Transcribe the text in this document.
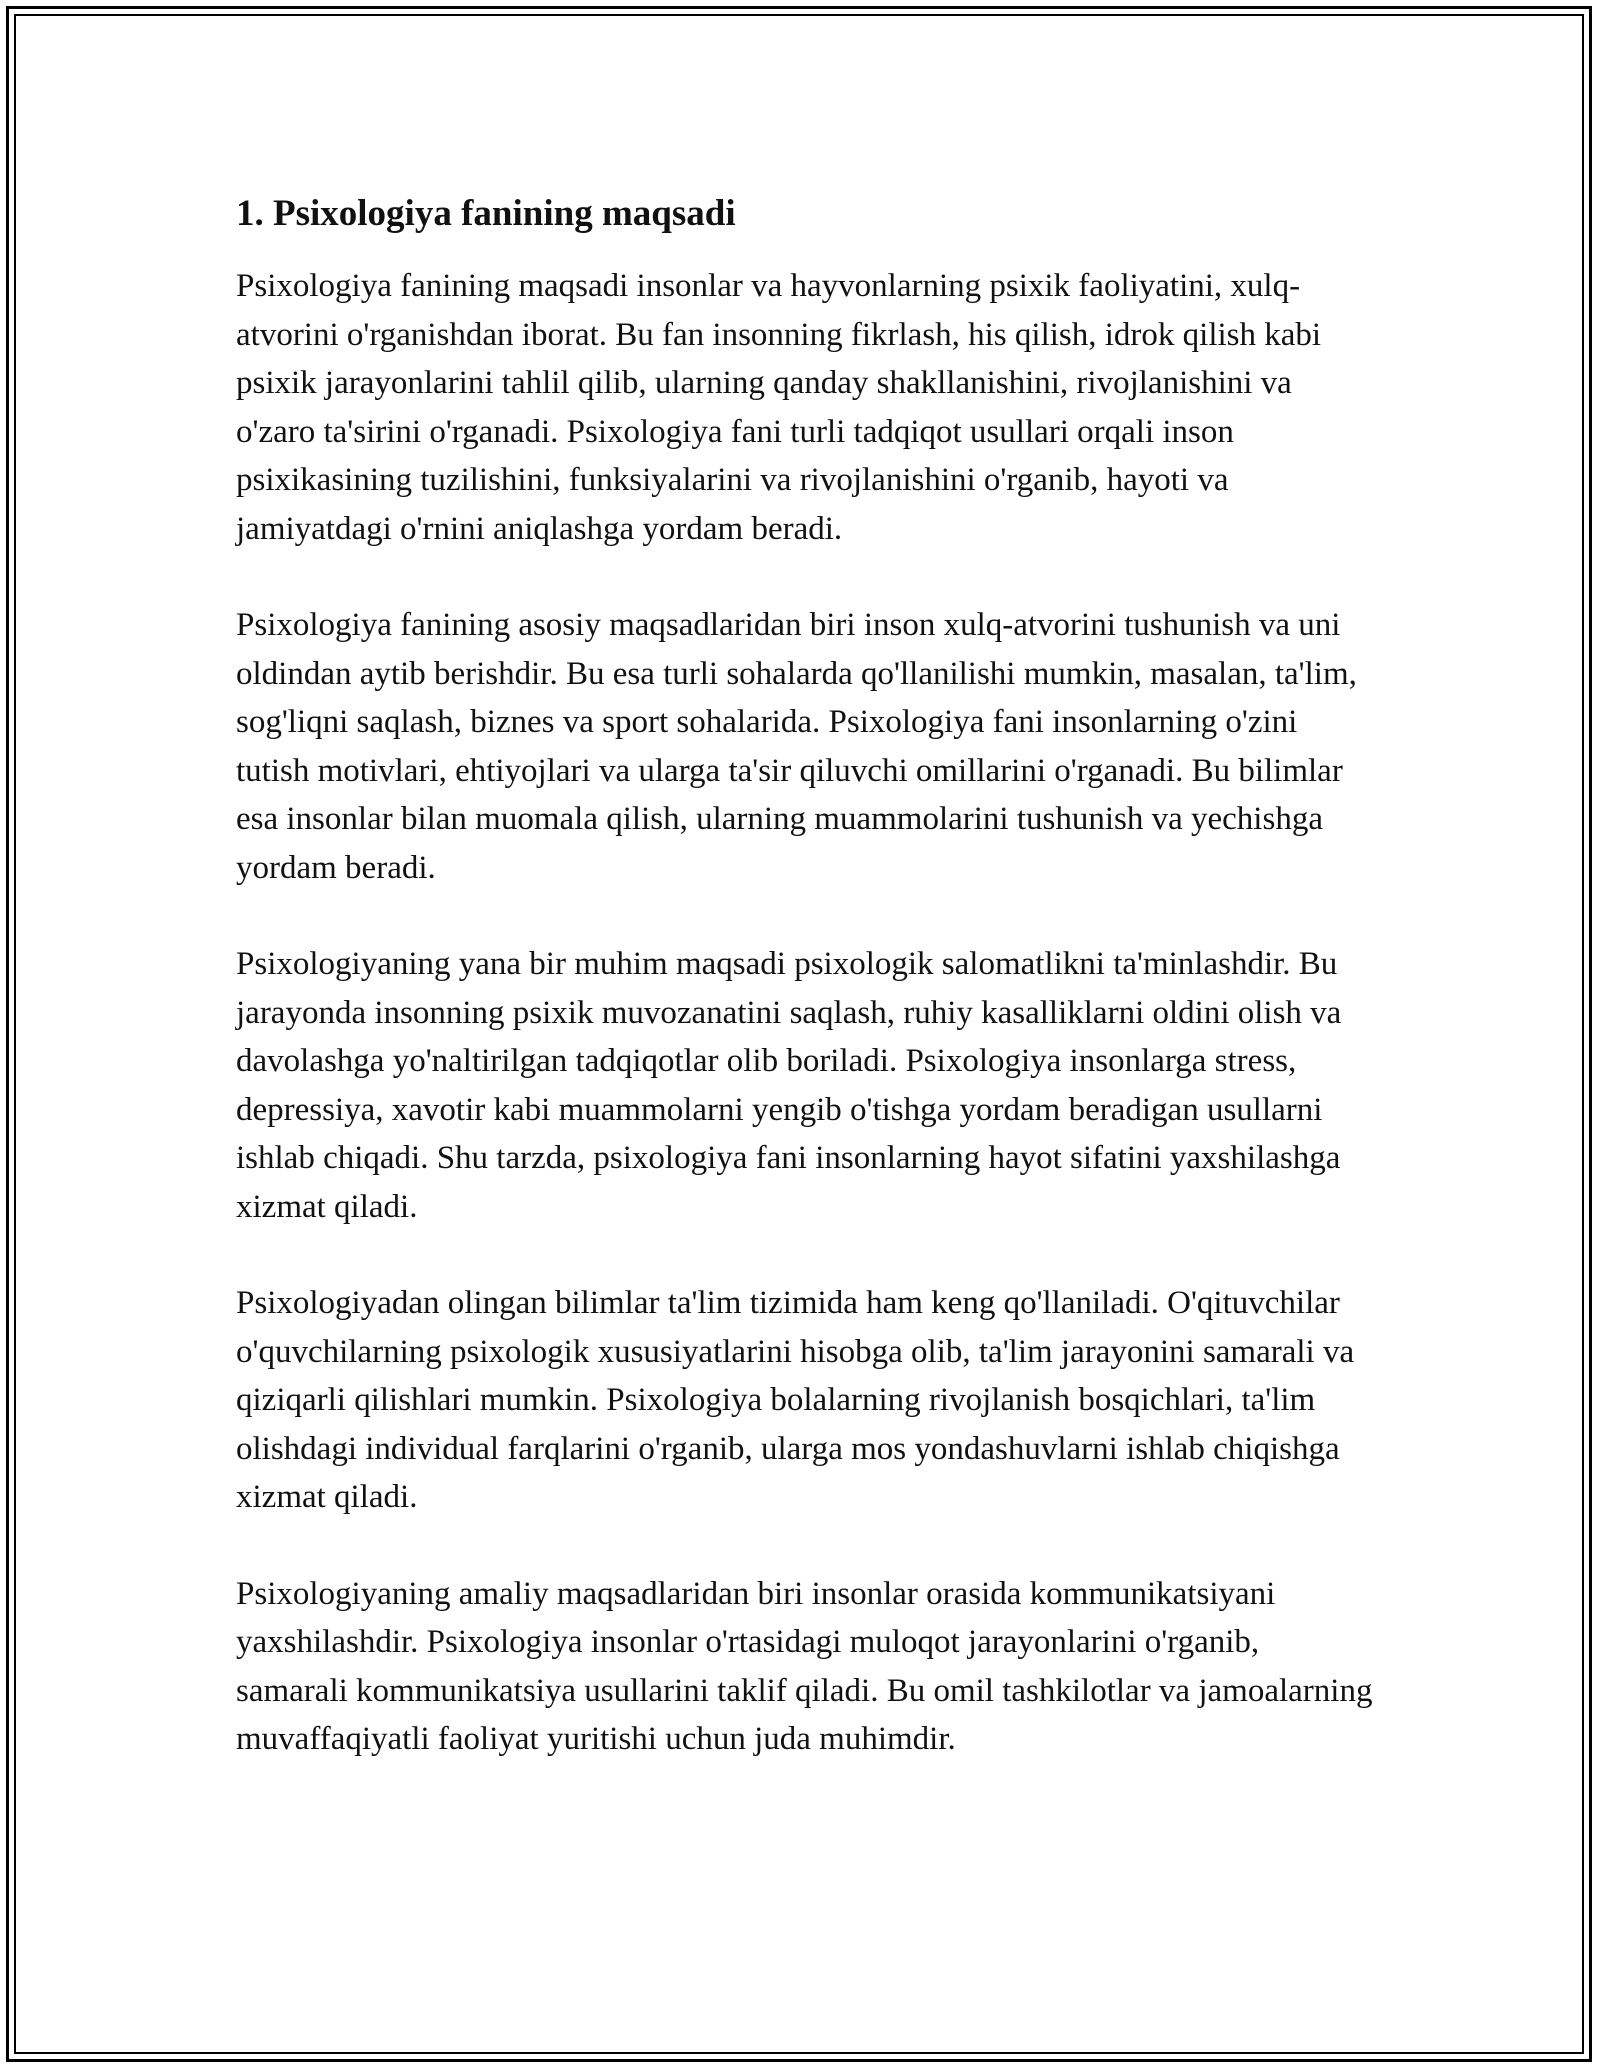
1. Psixologiya fanining maqsadi

Psixologiya fanining maqsadi insonlar va hayvonlarning psixik faoliyatini, xulq-atvorini o'rganishdan iborat. Bu fan insonning fikrlash, his qilish, idrok qilish kabi psixik jarayonlarini tahlil qilib, ularning qanday shakllanishini, rivojlanishini va o'zaro ta'sirini o'rganadi. Psixologiya fani turli tadqiqot usullari orqali inson psixikasining tuzilishini, funksiyalarini va rivojlanishini o'rganib, hayoti va jamiyatdagi o'rnini aniqlashga yordam beradi.

Psixologiya fanining asosiy maqsadlaridan biri inson xulq-atvorini tushunish va uni oldindan aytib berishdir. Bu esa turli sohalarda qo'llanilishi mumkin, masalan, ta'lim, sog'liqni saqlash, biznes va sport sohalarida. Psixologiya fani insonlarning o'zini tutish motivlari, ehtiyojlari va ularga ta'sir qiluvchi omillarini o'rganadi. Bu bilimlar esa insonlar bilan muomala qilish, ularning muammolarini tushunish va yechishga yordam beradi.

Psixologiyaning yana bir muhim maqsadi psixologik salomatlikni ta'minlashdir. Bu jarayonda insonning psixik muvozanatini saqlash, ruhiy kasalliklarni oldini olish va davolashga yo'naltirilgan tadqiqotlar olib boriladi. Psixologiya insonlarga stress, depressiya, xavotir kabi muammolarni yengib o'tishga yordam beradigan usullarni ishlab chiqadi. Shu tarzda, psixologiya fani insonlarning hayot sifatini yaxshilashga xizmat qiladi.

Psixologiyadan olingan bilimlar ta'lim tizimida ham keng qo'llaniladi. O'qituvchilar o'quvchilarning psixologik xususiyatlarini hisobga olib, ta'lim jarayonini samarali va qiziqarli qilishlari mumkin. Psixologiya bolalarning rivojlanish bosqichlari, ta'lim olishdagi individual farqlarini o'rganib, ularga mos yondashuvlarni ishlab chiqishga xizmat qiladi.

Psixologiyaning amaliy maqsadlaridan biri insonlar orasida kommunikatsiyani yaxshilashdir. Psixologiya insonlar o'rtasidagi muloqot jarayonlarini o'rganib, samarali kommunikatsiya usullarini taklif qiladi. Bu omil tashkilotlar va jamoalarning muvaffaqiyatli faoliyat yuritishi uchun juda muhimdir.
